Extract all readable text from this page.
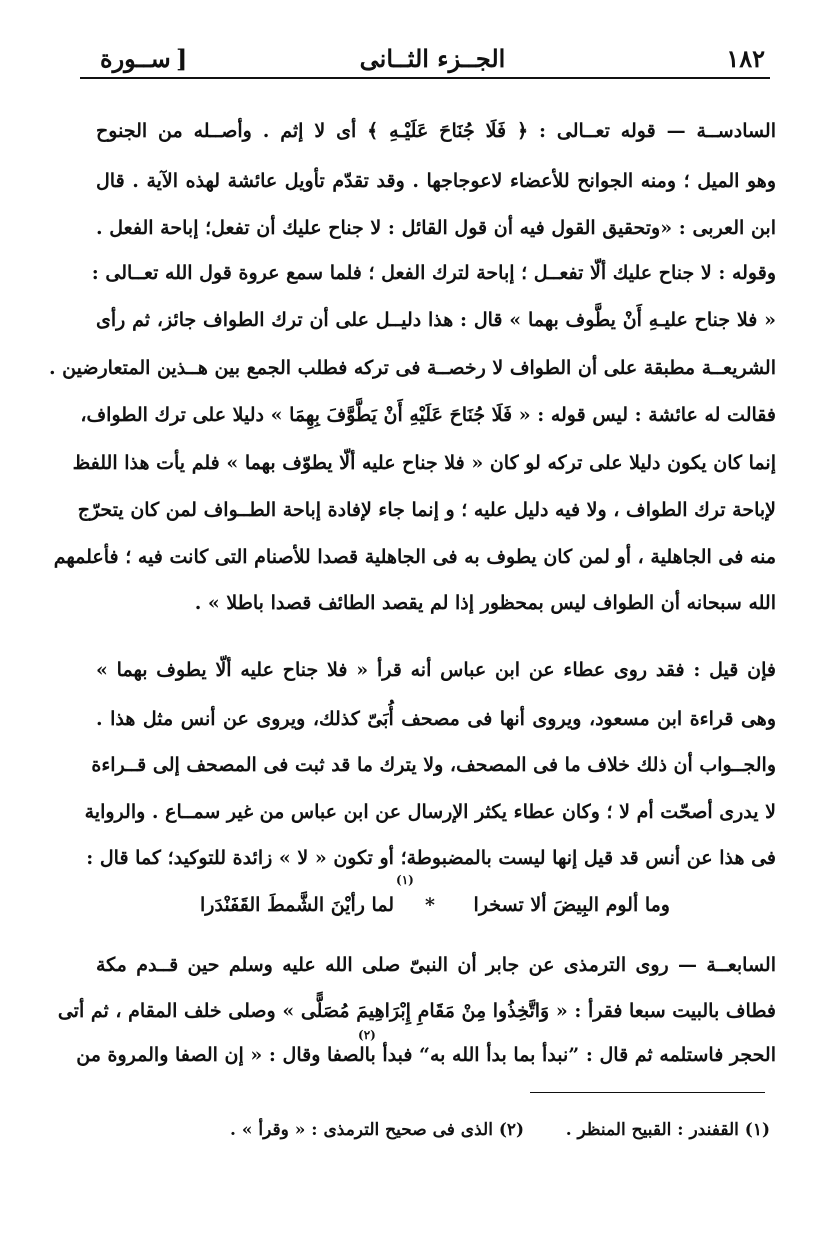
١٨٢
الجــزء الثــانى
ســورة [
السادســة — قوله تعــالى : ﴿ فَلَا جُنَاحَ عَلَيْـهِ ﴾ أى لا إثم . وأصــله من الجنوح
وهو الميل ؛ ومنه الجوانح للأعضاء لاعوجاجها . وقد تقدّم تأويل عائشة لهذه الآية . قال
ابن العربى : «وتحقيق القول فيه أن قول القائل : لا جناح عليك أن تفعل؛ إباحة الفعل .
وقوله : لا جناح عليك ألّا تفعــل ؛ إباحة لترك الفعل ؛ فلما سمع عروة قول الله تعــالى :
« فلا جناح عليـهِ أَنْ يطَّوف بهما » قال : هذا دليــل على أن ترك الطواف جائز، ثم رأى
الشريعــة مطبقة على أن الطواف لا رخصــة فى تركه فطلب الجمع بين هــذين المتعارضين .
فقالت له عائشة : ليس قوله : « فَلَا جُنَاحَ عَلَيْهِ أَنْ يَطَّوَّفَ بِهِمَا » دليلا على ترك الطواف،
إنما كان يكون دليلا على تركه لو كان « فلا جناح عليه ألّا يطوّف بهما » فلم يأت هذا اللفظ
لإباحة ترك الطواف ، ولا فيه دليل عليه ؛ و إنما جاء لإفادة إباحة الطــواف لمن كان يتحرّج
منه فى الجاهلية ، أو لمن كان يطوف به فى الجاهلية قصدا للأصنام التى كانت فيه ؛ فأعلمهم
الله سبحانه أن الطواف ليس بمحظور إذا لم يقصد الطائف قصدا باطلا » .
فإن قيل : فقد روى عطاء عن ابن عباس أنه قرأ « فلا جناح عليه ألّا يطوف بهما »
وهى قراءة ابن مسعود، ويروى أنها فى مصحف أُبَىّ كذلك، ويروى عن أنس مثل هذا .
والجــواب أن ذلك خلاف ما فى المصحف، ولا يترك ما قد ثبت فى المصحف إلى قــراءة
لا يدرى أصحّت أم لا ؛ وكان عطاء يكثر الإرسال عن ابن عباس من غير سمــاع . والرواية
فى هذا عن أنس قد قيل إنها ليست بالمضبوطة؛ أو تكون « لا » زائدة للتوكيد؛ كما قال :
(١)
وما ألوم البِيضَ ألا تسخرا
*
لما رأيْنَ الشَّمطَ القَفَنْدَرا
السابعــة — روى الترمذى عن جابر أن النبىّ صلى الله عليه وسلم حين قــدم مكة
فطاف بالبيت سبعا فقرأ : « وَاتَّخِذُوا مِنْ مَقَامِ إِبْرَاهِيمَ مُصَلًّى » وصلى خلف المقام ، ثم أتى
(٢)
الحجر فاستلمه ثم قال : ”نبدأ بما بدأ الله به“ فبدأ بالصفا وقال : « إن الصفا والمروة من
(١) القفندر : القبيح المنظر .
(٢) الذى فى صحيح الترمذى : « وقرأ » .
